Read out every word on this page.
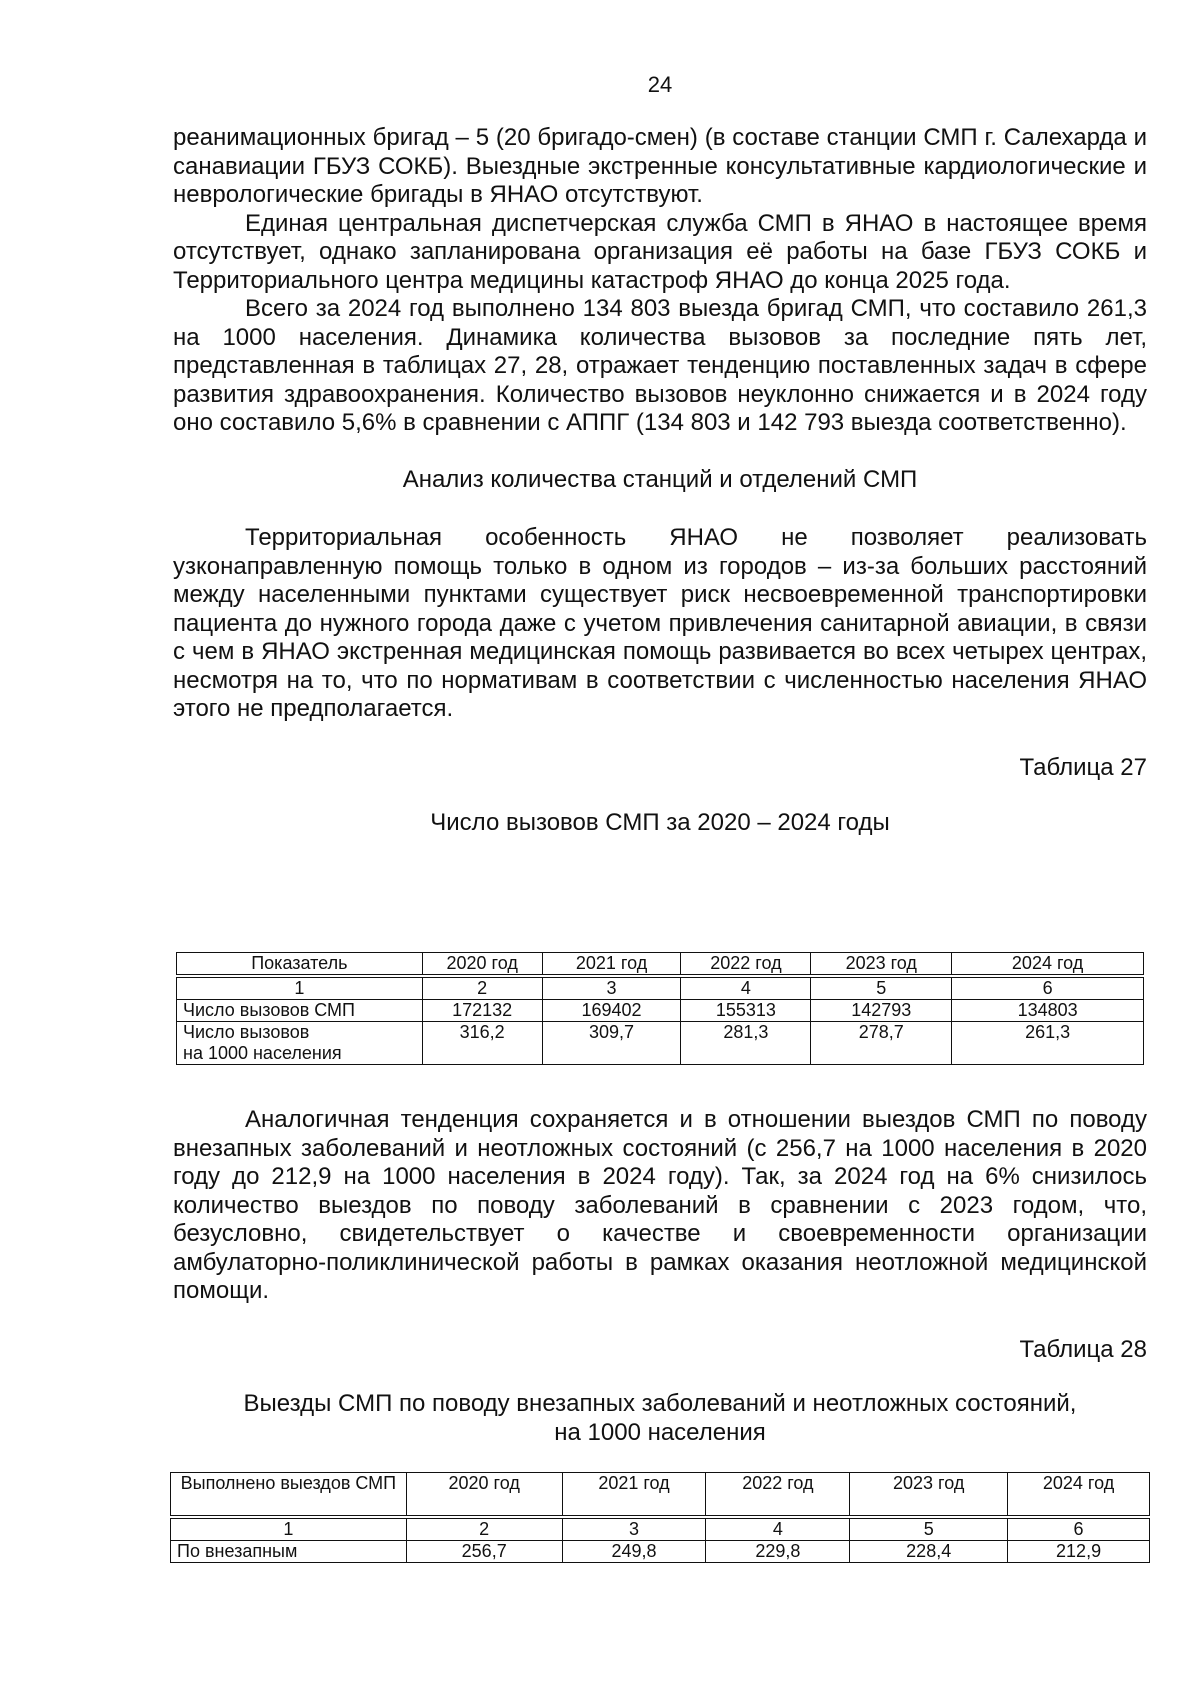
24

реанимационных бригад – 5 (20 бригадо-смен) (в составе станции СМП г. Салехарда и санавиации ГБУЗ СОКБ). Выездные экстренные консультативные кардиологические и неврологические бригады в ЯНАО отсутствуют.

Единая центральная диспетчерская служба СМП в ЯНАО в настоящее время отсутствует, однако запланирована организация её работы на базе ГБУЗ СОКБ и Территориального центра медицины катастроф ЯНАО до конца 2025 года.

Всего за 2024 год выполнено 134 803 выезда бригад СМП, что составило 261,3 на 1000 населения. Динамика количества вызовов за последние пять лет, представленная в таблицах 27, 28, отражает тенденцию поставленных задач в сфере развития здравоохранения. Количество вызовов неуклонно снижается и в 2024 году оно составило 5,6% в сравнении с АППГ (134 803 и 142 793 выезда соответственно).

Анализ количества станций и отделений СМП

Территориальная особенность ЯНАО не позволяет реализовать узконаправленную помощь только в одном из городов – из-за больших расстояний между населенными пунктами существует риск несвоевременной транспортировки пациента до нужного города даже с учетом привлечения санитарной авиации, в связи с чем в ЯНАО экстренная медицинская помощь развивается во всех четырех центрах, несмотря на то, что по нормативам в соответствии с численностью населения ЯНАО этого не предполагается.

Таблица 27
Число вызовов СМП за 2020 – 2024 годы
Показатель	2020 год	2021 год	2022 год	2023 год	2024 год
1	2	3	4	5	6
Число вызовов СМП	172132	169402	155313	142793	134803
Число вызовов
на 1000 населения	316,2	309,7	281,3	278,7	261,3

Аналогичная тенденция сохраняется и в отношении выездов СМП по поводу внезапных заболеваний и неотложных состояний (с 256,7 на 1000 населения в 2020 году до 212,9 на 1000 населения в 2024 году). Так, за 2024 год на 6% снизилось количество выездов по поводу заболеваний в сравнении с 2023 годом, что, безусловно, свидетельствует о качестве и своевременности организации амбулаторно-поликлинической работы в рамках оказания неотложной медицинской помощи.

Таблица 28
Выезды СМП по поводу внезапных заболеваний и неотложных состояний,
на 1000 населения
Выполнено выездов СМП	2020 год	2021 год	2022 год	2023 год	2024 год
1	2	3	4	5	6
По внезапным	256,7	249,8	229,8	228,4	212,9
